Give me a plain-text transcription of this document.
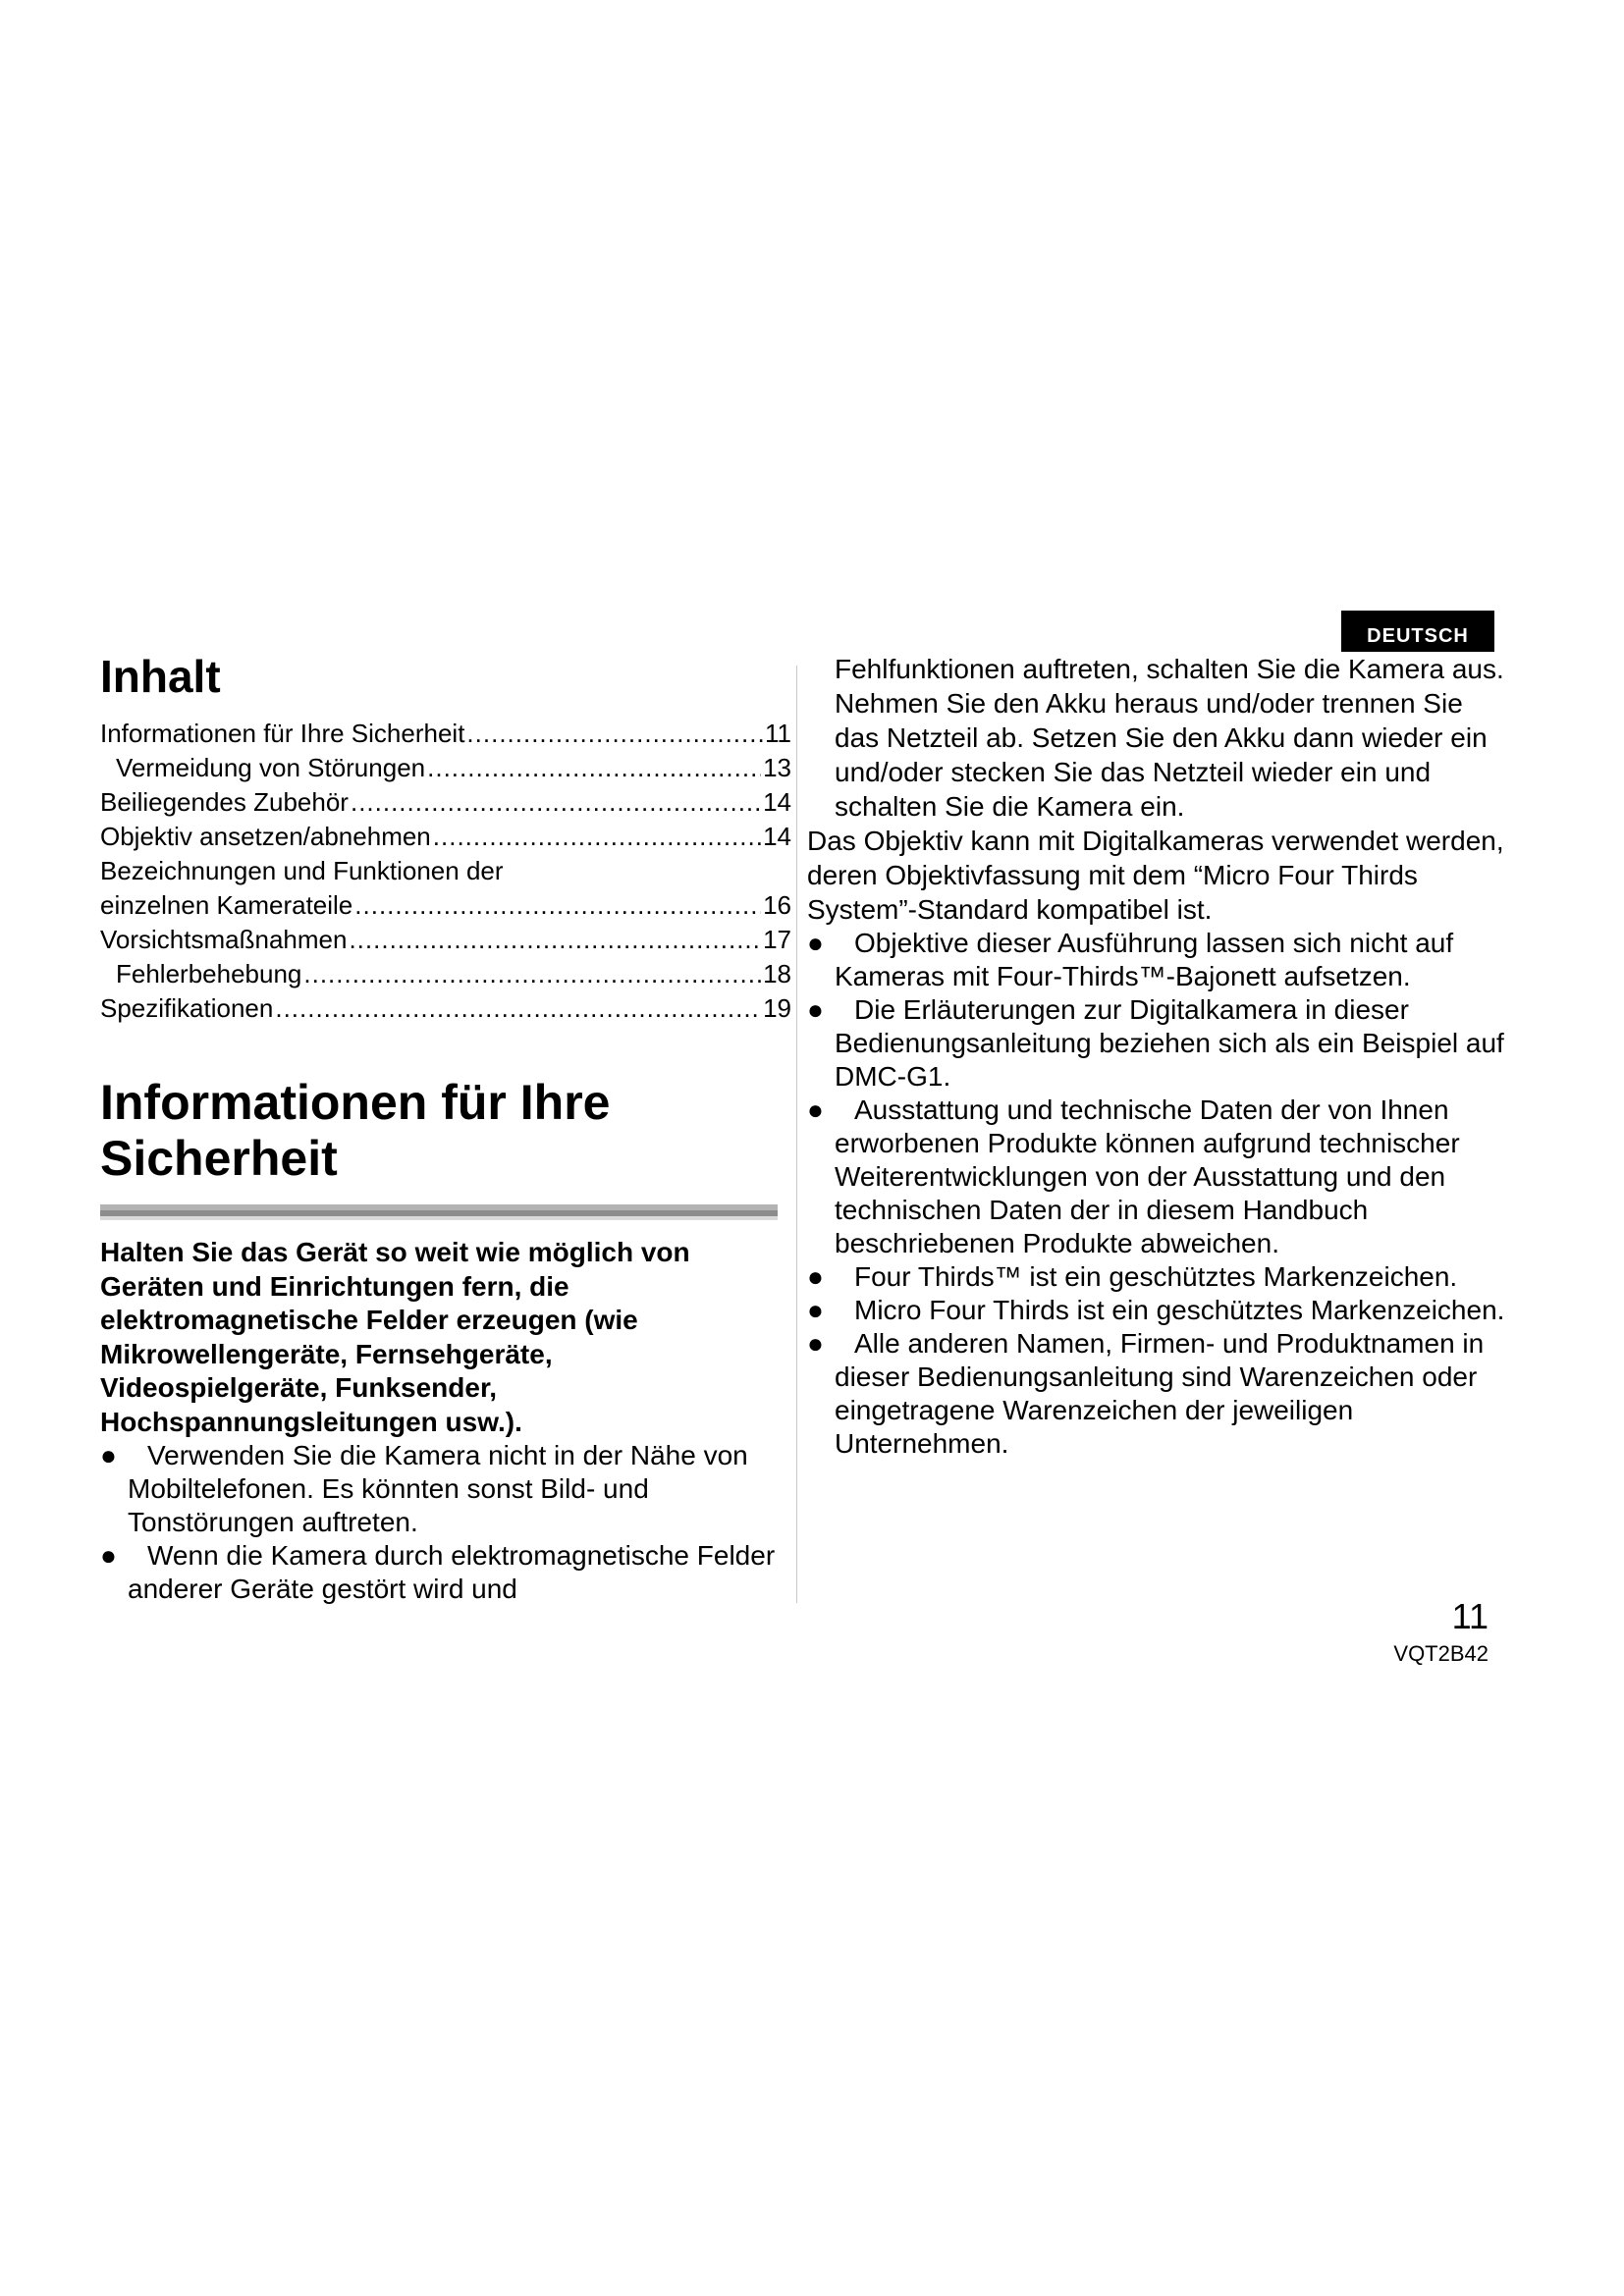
DEUTSCH
Inhalt
Informationen für Ihre Sicherheit .....	11
Vermeidung von Störungen .....	13
Beiliegendes Zubehör .....	14
Objektiv ansetzen/abnehmen .....	14
Bezeichnungen und Funktionen der
einzelnen Kamerateile .....	16
Vorsichtsmaßnahmen .....	17
Fehlerbehebung .....	18
Spezifikationen .....	19
Informationen für Ihre
Sicherheit

Halten Sie das Gerät so weit wie möglich von Geräten und Einrichtungen fern, die elektromagnetische Felder erzeugen (wie Mikrowellengeräte, Fernsehgeräte, Videospielgeräte, Funksender, Hochspannungsleitungen usw.).

●	Verwenden Sie die Kamera nicht in der Nähe von Mobiltelefonen. Es könnten sonst Bild- und Tonstörungen auftreten.
●	Wenn die Kamera durch elektromagnetische Felder anderer Geräte gestört wird und

Fehlfunktionen auftreten, schalten Sie die Kamera aus. Nehmen Sie den Akku heraus und/oder trennen Sie das Netzteil ab. Setzen Sie den Akku dann wieder ein und/oder stecken Sie das Netzteil wieder ein und schalten Sie die Kamera ein.

Das Objektiv kann mit Digitalkameras verwendet werden, deren Objektivfassung mit dem “Micro Four Thirds System”-Standard kompatibel ist.

●	Objektive dieser Ausführung lassen sich nicht auf Kameras mit Four-Thirds™-Bajonett aufsetzen.
●	Die Erläuterungen zur Digitalkamera in dieser Bedienungsanleitung beziehen sich als ein Beispiel auf DMC-G1.
●	Ausstattung und technische Daten der von Ihnen erworbenen Produkte können aufgrund technischer Weiterentwicklungen von der Ausstattung und den technischen Daten der in diesem Handbuch beschriebenen Produkte abweichen.
●	Four Thirds™ ist ein geschütztes Markenzeichen.
●	Micro Four Thirds ist ein geschütztes Markenzeichen.
●	Alle anderen Namen, Firmen- und Produktnamen in dieser Bedienungsanleitung sind Warenzeichen oder eingetragene Warenzeichen der jeweiligen Unternehmen.
11
VQT2B42
